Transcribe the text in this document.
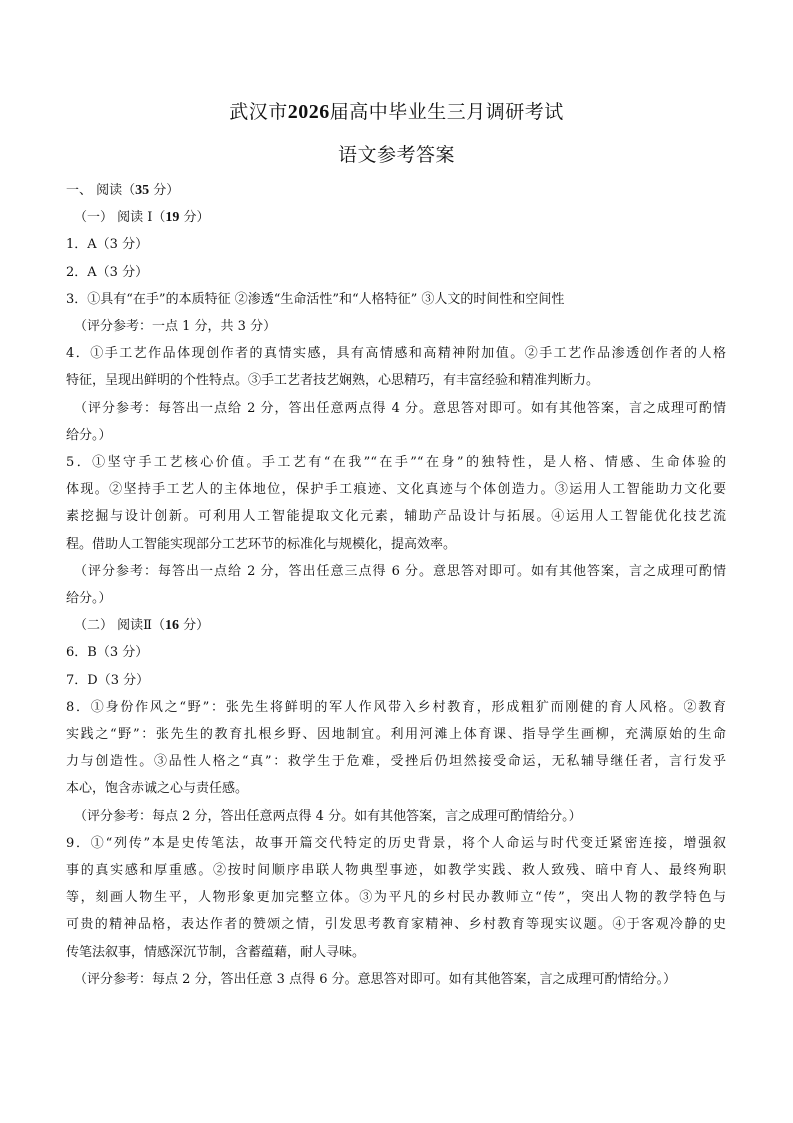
武汉市2026届高中毕业生三月调研考试
语文参考答案
一、 阅读（35 分）
（一） 阅读 Ⅰ（19 分）
1．A（3 分）
2．A（3 分）
3．①具有“在手”的本质特征 ②渗透“生命活性”和“人格特征” ③人文的时间性和空间性
（评分参考：一点 1 分，共 3 分）
4．①手工艺作品体现创作者的真情实感，具有高情感和高精神附加值。②手工艺作品渗透创作者的人格
特征，呈现出鲜明的个性特点。③手工艺者技艺娴熟，心思精巧，有丰富经验和精准判断力。
（评分参考：每答出一点给 2 分，答出任意两点得 4 分。意思答对即可。如有其他答案，言之成理可酌情
给分。）
5．①坚守手工艺核心价值。手工艺有“在我”“在手”“在身”的独特性，是人格、情感、生命体验的
体现。②坚持手工艺人的主体地位，保护手工痕迹、文化真迹与个体创造力。③运用人工智能助力文化要
素挖掘与设计创新。可利用人工智能提取文化元素，辅助产品设计与拓展。④运用人工智能优化技艺流
程。借助人工智能实现部分工艺环节的标准化与规模化，提高效率。
（评分参考：每答出一点给 2 分，答出任意三点得 6 分。意思答对即可。如有其他答案，言之成理可酌情
给分。）
（二） 阅读Ⅱ（16 分）
6．B（3 分）
7．D（3 分）
8．①身份作风之“野”：张先生将鲜明的军人作风带入乡村教育，形成粗犷而刚健的育人风格。②教育
实践之“野”：张先生的教育扎根乡野、因地制宜。利用河滩上体育课、指导学生画柳，充满原始的生命
力与创造性。③品性人格之“真”：救学生于危难，受挫后仍坦然接受命运，无私辅导继任者，言行发乎
本心，饱含赤诚之心与责任感。
（评分参考：每点 2 分，答出任意两点得 4 分。如有其他答案，言之成理可酌情给分。）
9．①“列传”本是史传笔法，故事开篇交代特定的历史背景，将个人命运与时代变迁紧密连接，增强叙
事的真实感和厚重感。②按时间顺序串联人物典型事迹，如教学实践、救人致残、暗中育人、最终殉职
等，刻画人物生平，人物形象更加完整立体。③为平凡的乡村民办教师立“传”，突出人物的教学特色与
可贵的精神品格，表达作者的赞颂之情，引发思考教育家精神、乡村教育等现实议题。④于客观冷静的史
传笔法叙事，情感深沉节制，含蓄蕴藉，耐人寻味。
（评分参考：每点 2 分，答出任意 3 点得 6 分。意思答对即可。如有其他答案，言之成理可酌情给分。）
